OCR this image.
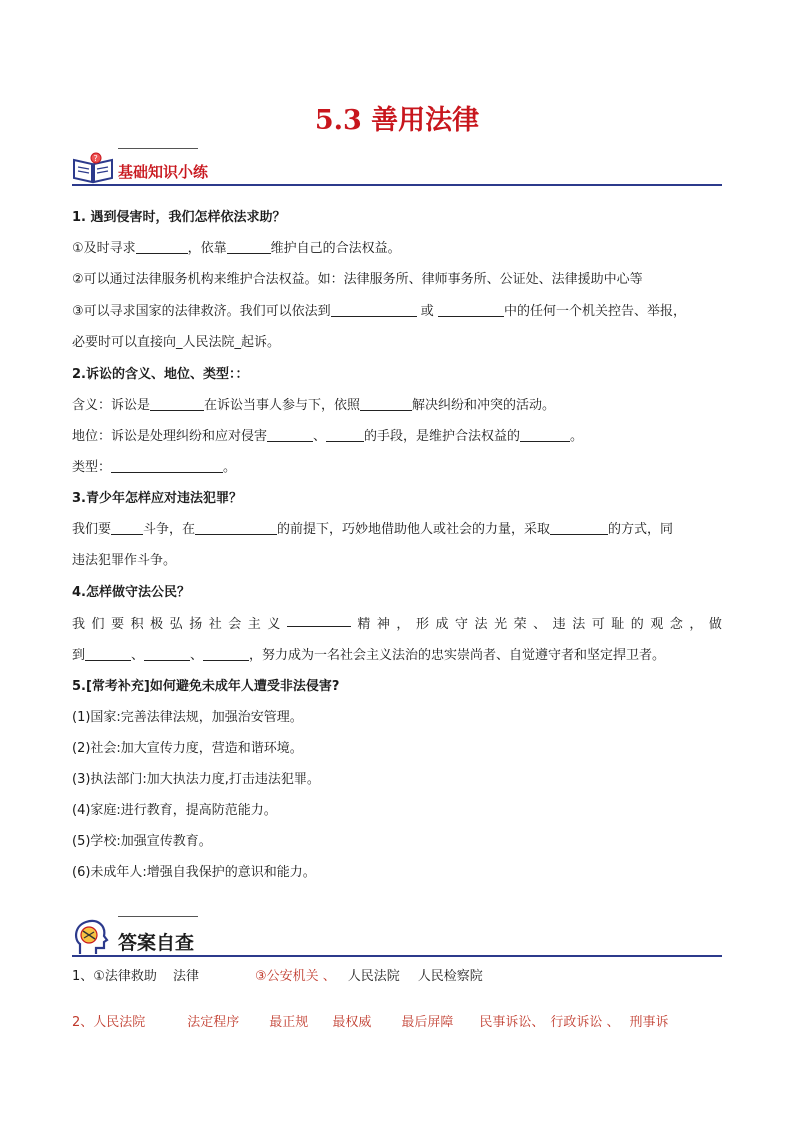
5.3 善用法律
?
基础知识小练
1. 遇到侵害时，我们怎样依法求助？
①及时寻求	，依靠	维护自己的合法权益。
②可以通过法律服务机构来维护合法权益。如：法律服务所、律师事务所、公证处、法律援助中心等
③可以寻求国家的法律救济。我们可以依法到	或	中的任何一个机关控告、举报，
必要时可以直接向_人民法院_起诉。
2.诉讼的含义、地位、类型：：
含义：诉讼是	在诉讼当事人参与下，依照	解决纠纷和冲突的活动。
地位：诉讼是处理纠纷和应对侵害	、	的手段，是维护合法权益的	。
类型：	。
3.青少年怎样应对违法犯罪？
我们要 斗争，在	的前提下，巧妙地借助他人或社会的力量，采取	的方式，同
违法犯罪作斗争。
4.怎样做守法公民？
我 们 要 积 极 弘 扬 社 会 主 义	精 神 ， 形 成 守 法 光 荣 、 违 法 可 耻 的 观 念 ， 做
到	、	、	，努力成为一名社会主义法治的忠实崇尚者、自觉遵守者和坚定捍卫者。
5.[常考补充]如何避免未成年人遭受非法侵害?
(1)国家:完善法律法规，加强治安管理。
(2)社会:加大宣传力度，营造和谐环境。
(3)执法部门:加大执法力度,打击违法犯罪。
(4)家庭:进行教育，提高防范能力。
(5)学校:加强宣传教育。
(6)未成年人:增强自我保护的意识和能力。
答案自查
1、①法律救助 法律	③公安机关 、 人民法院 人民检察院
2、人民法院	法定程序 最正规 最权威 最后屏障 民事诉讼、 行政诉讼 、 刑事诉
